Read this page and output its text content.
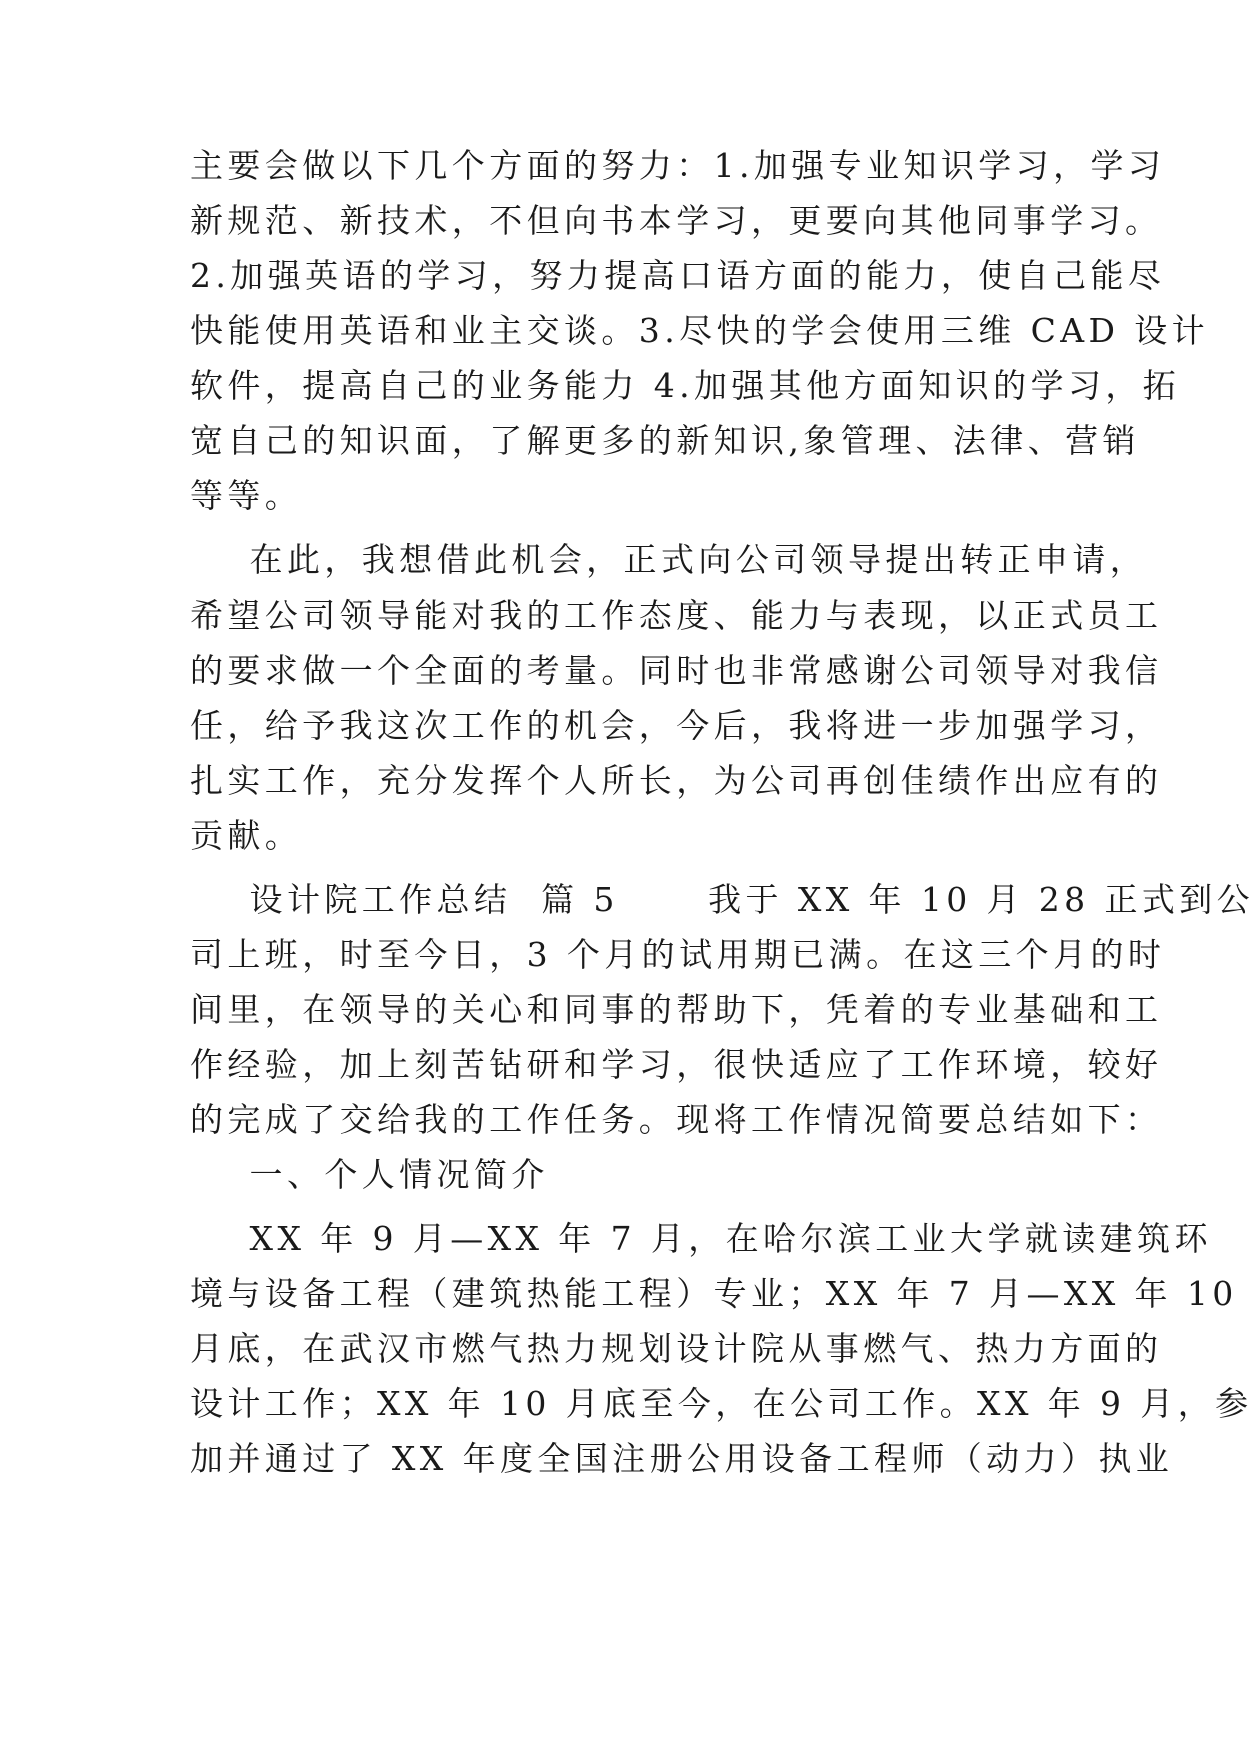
主要会做以下几个方面的努力：1.加强专业知识学习，学习
新规范、新技术，不但向书本学习，更要向其他同事学习。
2.加强英语的学习，努力提高口语方面的能力，使自己能尽
快能使用英语和业主交谈。3.尽快的学会使用三维 CAD 设计
软件，提高自己的业务能力 4.加强其他方面知识的学习，拓
宽自己的知识面，了解更多的新知识,象管理、法律、营销
等等。
在此，我想借此机会，正式向公司领导提出转正申请，
希望公司领导能对我的工作态度、能力与表现，以正式员工
的要求做一个全面的考量。同时也非常感谢公司领导对我信
任，给予我这次工作的机会，今后，我将进一步加强学习，
扎实工作，充分发挥个人所长，为公司再创佳绩作出应有的
贡献。
设计院工作总结  篇 5      我于 XX 年 10 月 28 正式到公
司上班，时至今日，3 个月的试用期已满。在这三个月的时
间里，在领导的关心和同事的帮助下，凭着的专业基础和工
作经验，加上刻苦钻研和学习，很快适应了工作环境，较好
的完成了交给我的工作任务。现将工作情况简要总结如下：
一、个人情况简介
XX 年 9 月—XX 年 7 月，在哈尔滨工业大学就读建筑环
境与设备工程（建筑热能工程）专业；XX 年 7 月—XX 年 10
月底，在武汉市燃气热力规划设计院从事燃气、热力方面的
设计工作；XX 年 10 月底至今，在公司工作。XX 年 9 月，参
加并通过了 XX 年度全国注册公用设备工程师（动力）执业
